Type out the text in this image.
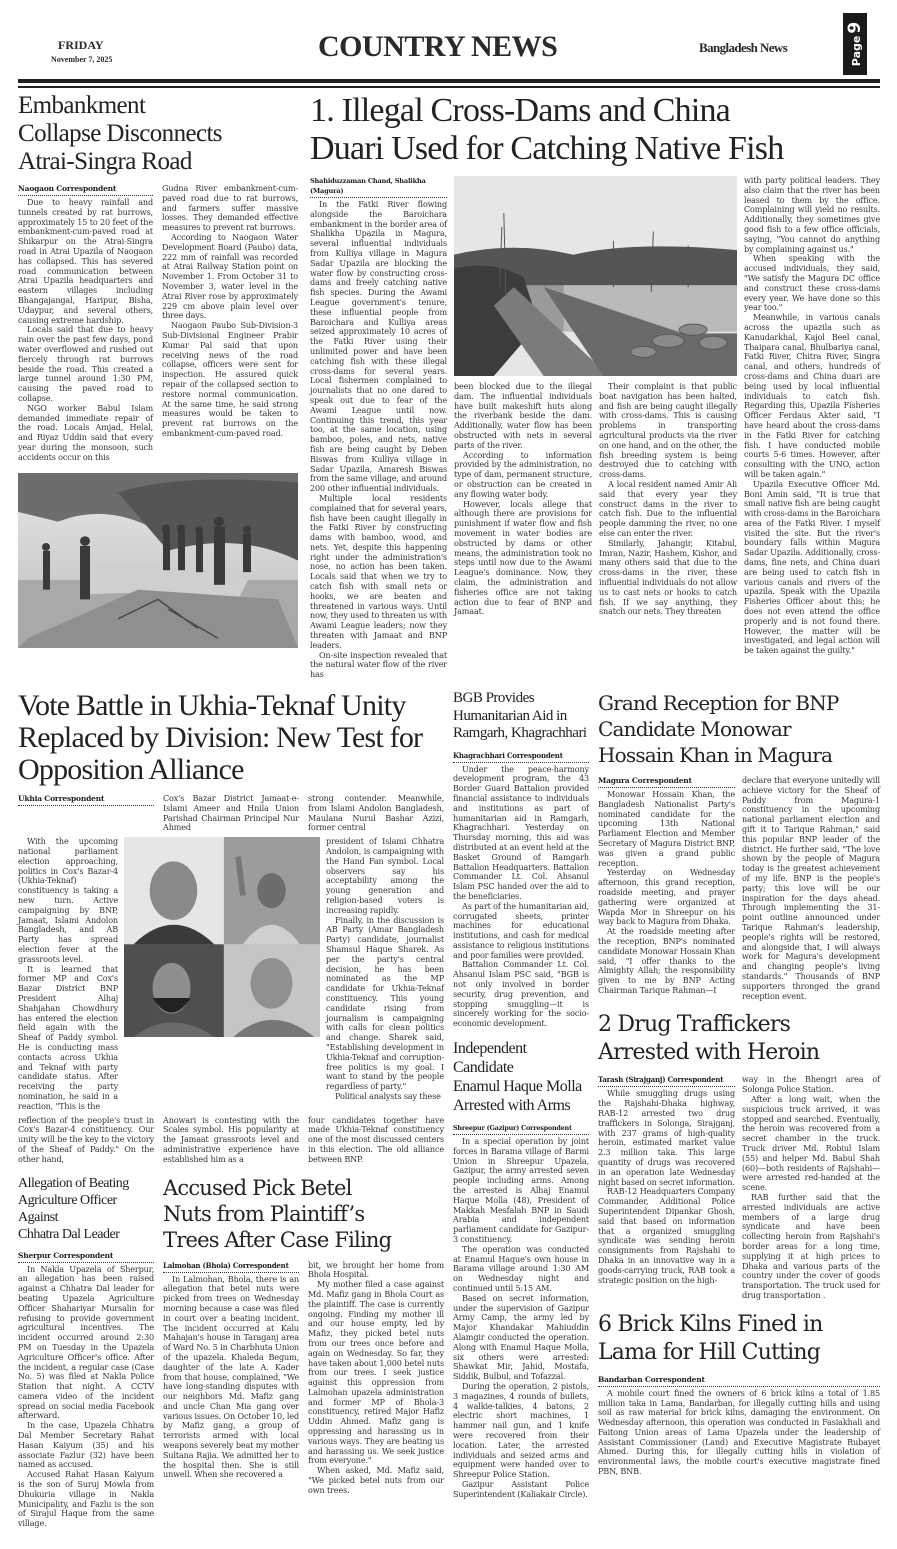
FRIDAY
November 7, 2025	COUNTRY NEWS	Bangladesh News	Page9
Embankment
Collapse Disconnects
Atrai-Singra Road
Naogaon Correspondent

Due to heavy rainfall and tunnels created by rat burrows, approximately 15 to 20 feet of the embankment-cum-paved road at Shikarpur on the Atrai-Singra road in Atrai Upazila of Naogaon has collapsed. This has severed road communication between Atrai Upazila headquarters and eastern villages including Bhangajangal, Haripur, Bisha, Udaypur, and several others, causing extreme hardship.

Locals said that due to heavy rain over the past few days, pond water overflowed and rushed out fiercely through rat burrows beside the road. This created a large tunnel around 1:30 PM, causing the paved road to collapse.

NGO worker Babul Islam demanded immediate repair of the road. Locals Amjad, Helal, and Riyaz Uddin said that every year during the monsoon, such accidents occur on this

Gudna River embankment-cum-paved road due to rat burrows, and farmers suffer massive losses. They demanded effective measures to prevent rat burrows.

According to Naogaon Water Development Board (Paubo) data, 222 mm of rainfall was recorded at Atrai Railway Station point on November 1. From October 31 to November 3, water level in the Atrai River rose by approximately 229 cm above plain level over three days.

Naogaon Paubo Sub-Division-3 Sub-Divisional Engineer Prabir Kumar Pal said that upon receiving news of the road collapse, officers were sent for inspection. He assured quick repair of the collapsed section to restore normal communication. At the same time, he said strong measures would be taken to prevent rat burrows on the embankment-cum-paved road.

1. Illegal Cross-Dams and China
Duari Used for Catching Native Fish
Shahiduzzaman Chand, Shalikha (Magura)

In the Fatki River flowing alongside the Baroichara embankment in the border area of Shalikha Upazila in Magura, several influential individuals from Kulliya village in Magura Sadar Upazila are blocking the water flow by constructing cross-dams and freely catching native fish species. During the Awami League government's tenure, these influential people from Baroichara and Kulliya areas seized approximately 10 acres of the Fatki River using their unlimited power and have been catching fish with these illegal cross-dams for several years. Local fishermen complained to journalists that no one dared to speak out due to fear of the Awami League until now. Continuing this trend, this year too, at the same location, using bamboo, poles, and nets, native fish are being caught by Deben Biswas from Kulliya village in Sadar Upazila, Amaresh Biswas from the same village, and around 200 other influential individuals.

Multiple local residents complained that for several years, fish have been caught illegally in the Fatki River by constructing dams with bamboo, wood, and nets. Yet, despite this happening right under the administration's nose, no action has been taken. Locals said that when we try to catch fish with small nets or hooks, we are beaten and threatened in various ways. Until now, they used to threaten us with Awami League leaders; now they threaten with Jamaat and BNP leaders.

On-site inspection revealed that the natural water flow of the river has

been blocked due to the illegal dam. The influential individuals have built makeshift huts along the riverbank beside the dam. Additionally, water flow has been obstructed with nets in several parts of the river.

According to information provided by the administration, no type of dam, permanent structure, or obstruction can be created in any flowing water body.

However, locals allege that although there are provisions for punishment if water flow and fish movement in water bodies are obstructed by dams or other means, the administration took no steps until now due to the Awami League's dominance. Now, they claim, the administration and fisheries office are not taking action due to fear of BNP and Jamaat.

Their complaint is that public boat navigation has been halted, and fish are being caught illegally with cross-dams. This is causing problems in transporting agricultural products via the river on one hand, and on the other, the fish breeding system is being destroyed due to catching with cross-dams.

A local resident named Amir Ali said that every year they construct dams in the river to catch fish. Due to the influential people damming the river, no one else can enter the river.

Similarly, Jahangir, Kitabul, Imran, Nazir, Hashem, Kishor, and many others said that due to the cross-dams in the river, these influential individuals do not allow us to cast nets or hooks to catch fish. If we say anything, they snatch our nets. They threaten

with party political leaders. They also claim that the river has been leased to them by the office. Complaining will yield no results. Additionally, they sometimes give good fish to a few office officials, saying, "You cannot do anything by complaining against us."

When speaking with the accused individuals, they said, "We satisfy the Magura DC office and construct these cross-dams every year. We have done so this year too."

Meanwhile, in various canals across the upazila such as Kanudarkhal, Kajol Beel canal, Thaipara canal, Bhulbariya canal, Fatki River, Chitra River, Singra canal, and others, hundreds of cross-dams and China duari are being used by local influential individuals to catch fish. Regarding this, Upazila Fisheries Officer Ferdaus Akter said, "I have heard about the cross-dams in the Fatki River for catching fish. I have conducted mobile courts 5-6 times. However, after consulting with the UNO, action will be taken again."

Upazila Executive Officer Md. Boni Amin said, "It is true that small native fish are being caught with cross-dams in the Baroichara area of the Fatki River. I myself visited the site. But the river's boundary falls within Magura Sadar Upazila. Additionally, cross-dams, fine nets, and China duari are being used to catch fish in various canals and rivers of the upazila. Speak with the Upazila Fisheries Officer about this; he does not even attend the office properly and is not found there. However, the matter will be investigated, and legal action will be taken against the guilty."

Vote Battle in Ukhia-Teknaf Unity
Replaced by Division: New Test for
Opposition Alliance
Ukhia Correspondent	Cox's Bazar District Jamaat-e-Islami Ameer and Hnila Union Parishad Chairman Principal Nur Ahmed

strong contender. Meanwhile, from Islami Andolon Bangladesh, Maulana Nurul Bashar Azizi, former central

With the upcoming national parliament election approaching, politics in Cox's Bazar-4 (Ukhia-Teknaf) constituency is taking a new turn. Active campaigning by BNP, Jamaat, Islami Andolon Bangladesh, and AB Party has spread election fever at the grassroots level.

It is learned that former MP and Cox's Bazar District BNP President Alhaj Shahjahan Chowdhury has entered the election field again with the Sheaf of Paddy symbol. He is conducting mass contacts across Ukhia and Teknaf with party candidate status. After receiving the party nomination, he said in a reaction, "This is the

president of Islami Chhatra Andolon, is campaigning with the Hand Fan symbol. Local observers say his acceptability among the young generation and religion-based voters is increasing rapidly.

Finally, in the discussion is AB Party (Amar Bangladesh Party) candidate, journalist Shamsul Haque Sharek. As per the party's central decision, he has been nominated as the MP candidate for Ukhia-Teknaf constituency. This young candidate rising from journalism is campaigning with calls for clean politics and change. Sharek said, "Establishing development in Ukhia-Teknaf and corruption-free politics is my goal. I want to stand by the people regardless of party."

Political analysts say these

reflection of the people's trust in Cox's Bazar-4 constituency. Our unity will be the key to the victory of the Sheaf of Paddy." On the other hand,

Anowari is contesting with the Scales symbol. His popularity at the Jamaat grassroots level and administrative experience have established him as a

four candidates together have made Ukhia-Teknaf constituency one of the most discussed centers in this election. The old alliance between BNP.

Allegation of Beating
Agriculture Officer Against
Chhatra Dal Leader
Sherpur Correspondent

In Nakla Upazela of Sherpur, an allegation has been raised against a Chhatra Dal leader for beating Upazela Agriculture Officer Shahariyar Mursalin for refusing to provide government agricultural incentives. The incident occurred around 2:30 PM on Tuesday in the Upazela Agriculture Officer's office. After the incident, a regular case (Case No. 5) was filed at Nakla Police Station that night. A CCTV camera video of the incident spread on social media Facebook afterward.

In the case, Upazela Chhatra Dal Member Secretary Rahat Hasan Kaiyum (35) and his associate Fazlur (32) have been named as accused.

Accused Rahat Hasan Kaiyum is the son of Suruj Mowla from Dhukuria village in Nakla Municipality, and Fazlu is the son of Sirajul Haque from the same village.

Accused Pick Betel
Nuts from Plaintiff’s
Trees After Case Filing
Lalmohan (Bhola) Correspondent

In Lalmohan, Bhola, there is an allegation that betel nuts were picked from trees on Wednesday morning because a case was filed in court over a beating incident. The incident occurred at Kalu Mahajan's house in Taraganj area of Ward No. 5 in Charbhuta Union of the upazela. Khaleda Begum, daughter of the late A. Kader from that house, complained, "We have long-standing disputes with our neighbors Md. Mafiz gang and uncle Chan Mia gang over various issues. On October 10, led by Mafiz gang, a group of terrorists armed with local weapons severely beat my mother Sultana Rajia. We admitted her to the hospital then. She is still unwell. When she recovered a

bit, we brought her home from Bhola Hospital.

My mother filed a case against Md. Mafiz gang in Bhola Court as the plaintiff. The case is currently ongoing. Finding my mother ill and our house empty, led by Mafiz, they picked betel nuts from our trees once before and again on Wednesday. So far, they have taken about 1,000 betel nuts from our trees. I seek justice against this oppression from Lalmohan upazela administration and former MP of Bhola-3 constituency, retired Major Hafiz Uddin Ahmed. Mafiz gang is oppressing and harassing us in various ways. They are beating us and harassing us. We seek justice from everyone."

When asked, Md. Mafiz said, "We picked betel nuts from our own trees.

BGB Provides
Humanitarian Aid in
Ramgarh, Khagrachhari
Khagrachhari Correspondent

Under the peace-harmony development program, the 43 Border Guard Battalion provided financial assistance to individuals and institutions as part of humanitarian aid in Ramgarh, Khagrachhari. Yesterday on Thursday morning, this aid was distributed at an event held at the Basket Ground of Ramgarh Battalion Headquarters. Battalion Commander Lt. Col. Ahsanul Islam PSC handed over the aid to the beneficiaries.

As part of the humanitarian aid, corrugated sheets, printer machines for educational institutions, and cash for medical assistance to religious institutions and poor families were provided.

Battalion Commander Lt. Col. Ahsanul Islam PSC said, "BGB is not only involved in border security, drug prevention, and stopping smuggling—it is sincerely working for the socio-economic development.

Independent Candidate
Enamul Haque Molla
Arrested with Arms
Shreepur (Gazipur) Correspondent

In a special operation by joint forces in Barama village of Barmi Union in Shreepur Upazela, Gazipur, the army arrested seven people including arms. Among the arrested is Alhaj Enamul Haque Molla (48), President of Makkah Mesfalah BNP in Saudi Arabia and independent parliament candidate for Gazipur-3 constituency.

The operation was conducted at Enamul Haque's own house in Barama village around 1:30 AM on Wednesday night and continued until 5:15 AM.

Based on secret information, under the supervision of Gazipur Army Camp, the army led by Major Khandakar Mahiuddin Alamgir conducted the operation. Along with Enamul Haque Molla, six others were arrested: Shawkat Mir, Jahid, Mostafa, Siddik, Bulbul, and Tofazzal.

During the operation, 2 pistols, 3 magazines, 4 rounds of bullets, 4 walkie-talkies, 4 batons, 2 electric short machines, 1 hammer nail gun, and 1 knife were recovered from their location. Later, the arrested individuals and seized arms and equipment were handed over to Shreepur Police Station.

Gazipur Assistant Police Superintendent (Kaliakair Circle).

Grand Reception for BNP
Candidate Monowar
Hossain Khan in Magura
Magura Correspondent

Monowar Hossain Khan, the Bangladesh Nationalist Party's nominated candidate for the upcoming 13th National Parliament Election and Member Secretary of Magura District BNP, was given a grand public reception.

Yesterday on Wednesday afternoon, this grand reception, roadside meeting, and prayer gathering were organized at Wapda Mor in Shreepur on his way back to Magura from Dhaka.

At the roadside meeting after the reception, BNP's nominated candidate Monowar Hossain Khan said, "I offer thanks to the Almighty Allah; the responsibility given to me by BNP Acting Chairman Tarique Rahman—I

declare that everyone unitedly will achieve victory for the Sheaf of Paddy from Magura-1 constituency in the upcoming national parliament election and gift it to Tarique Rahman," said this popular BNP leader of the district. He further said, "The love shown by the people of Magura today is the greatest achievement of my life. BNP is the people's party; this love will be our inspiration for the days ahead. Through implementing the 31-point outline announced under Tarique Rahman's leadership, people's rights will be restored, and alongside that, I will always work for Magura's development and changing people's living standards." Thousands of BNP supporters thronged the grand reception event.

2 Drug Traffickers
Arrested with Heroin
Tarash (Sirajganj) Correspondent

While smuggling drugs using the Rajshahi-Dhaka highway, RAB-12 arrested two drug traffickers in Solonga, Sirajganj, with 237 grams of high-quality heroin, estimated market value 2.3 million taka. This large quantity of drugs was recovered in an operation late Wednesday night based on secret information.

RAB-12 Headquarters Company Commander, Additional Police Superintendent Dipankar Ghosh, said that based on information that a organized smuggling syndicate was sending heroin consignments from Rajshahi to Dhaka in an innovative way in a goods-carrying truck, RAB took a strategic position on the high-

way in the Bhengri area of Solonga Police Station.

After a long wait, when the suspicious truck arrived, it was stopped and searched. Eventually, the heroin was recovered from a secret chamber in the truck. Truck driver Md. Robiul Islam (55) and helper Md. Babul Shah (60)—both residents of Rajshahi—were arrested red-handed at the scene.

RAB further said that the arrested individuals are active members of a large drug syndicate and have been collecting heroin from Rajshahi's border areas for a long time, supplying it at high prices to Dhaka and various parts of the country under the cover of goods transportation. The truck used for drug transportation .

6 Brick Kilns Fined in
Lama for Hill Cutting
Bandarban Correspondent

A mobile court fined the owners of 6 brick kilns a total of 1.85 million taka in Lama, Bandarban, for illegally cutting hills and using soil as raw material for brick kilns, damaging the environment. On Wednesday afternoon, this operation was conducted in Fasiakhali and Faitong Union areas of Lama Upazela under the leadership of Assistant Commissioner (Land) and Executive Magistrate Rubayet Ahmed. During this, for illegally cutting hills in violation of environmental laws, the mobile court's executive magistrate fined PBN, BNB.
